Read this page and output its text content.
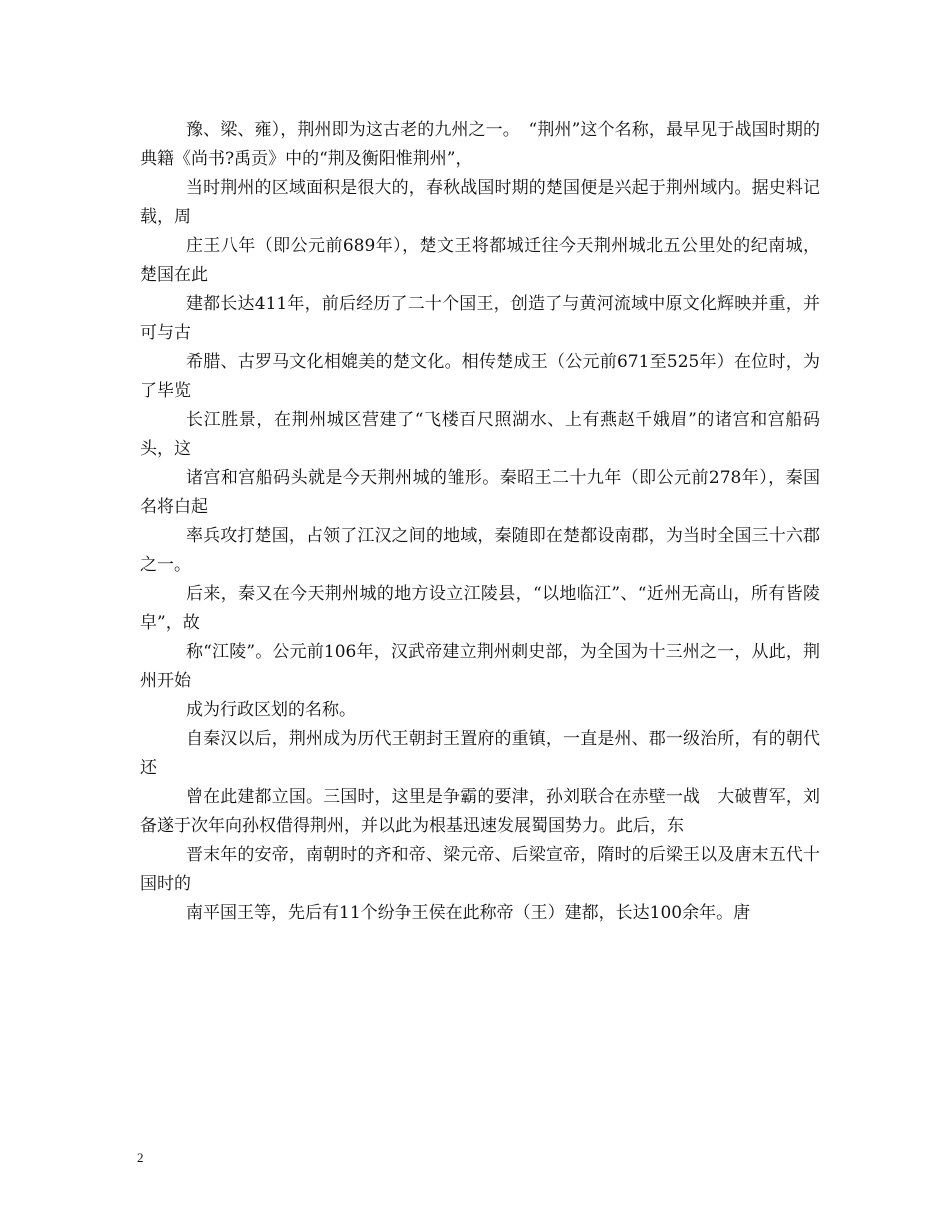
豫、梁、雍），荆州即为这古老的九州之一。　“荆州”这个名称，最早见于战国时期的典籍《尚书?禹贡》中的“荆及衡阳惟荆州”，

当时荆州的区域面积是很大的，春秋战国时期的楚国便是兴起于荆州域内。据史料记载，周

庄王八年（即公元前689年），楚文王将都城迁往今天荆州城北五公里处的纪南城，楚国在此

建都长达411年，前后经历了二十个国王，创造了与黄河流域中原文化辉映并重，并可与古

希腊、古罗马文化相媲美的楚文化。相传楚成王（公元前671至525年）在位时，为了毕览

长江胜景，在荆州城区营建了“飞楼百尺照湖水、上有燕赵千娥眉”的诸宫和宫船码头，这

诸宫和宫船码头就是今天荆州城的雏形。秦昭王二十九年（即公元前278年），秦国名将白起

率兵攻打楚国，占领了江汉之间的地域，秦随即在楚都设南郡，为当时全国三十六郡之一。

后来，秦又在今天荆州城的地方设立江陵县，“以地临江”、“近州无高山，所有皆陵皁”，故

称“江陵”。公元前106年，汉武帝建立荆州刺史部，为全国为十三州之一，从此，荆州开始

成为行政区划的名称。

自秦汉以后，荆州成为历代王朝封王置府的重镇，一直是州、郡一级治所，有的朝代还

曾在此建都立国。三国时，这里是争霸的要津，孙刘联合在赤壁一战　大破曹军，刘备遂于次年向孙权借得荆州，并以此为根基迅速发展蜀国势力。此后，东

晋末年的安帝，南朝时的齐和帝、梁元帝、后梁宣帝，隋时的后梁王以及唐末五代十国时的

南平国王等，先后有11个纷争王侯在此称帝（王）建都，长达100余年。唐

2
